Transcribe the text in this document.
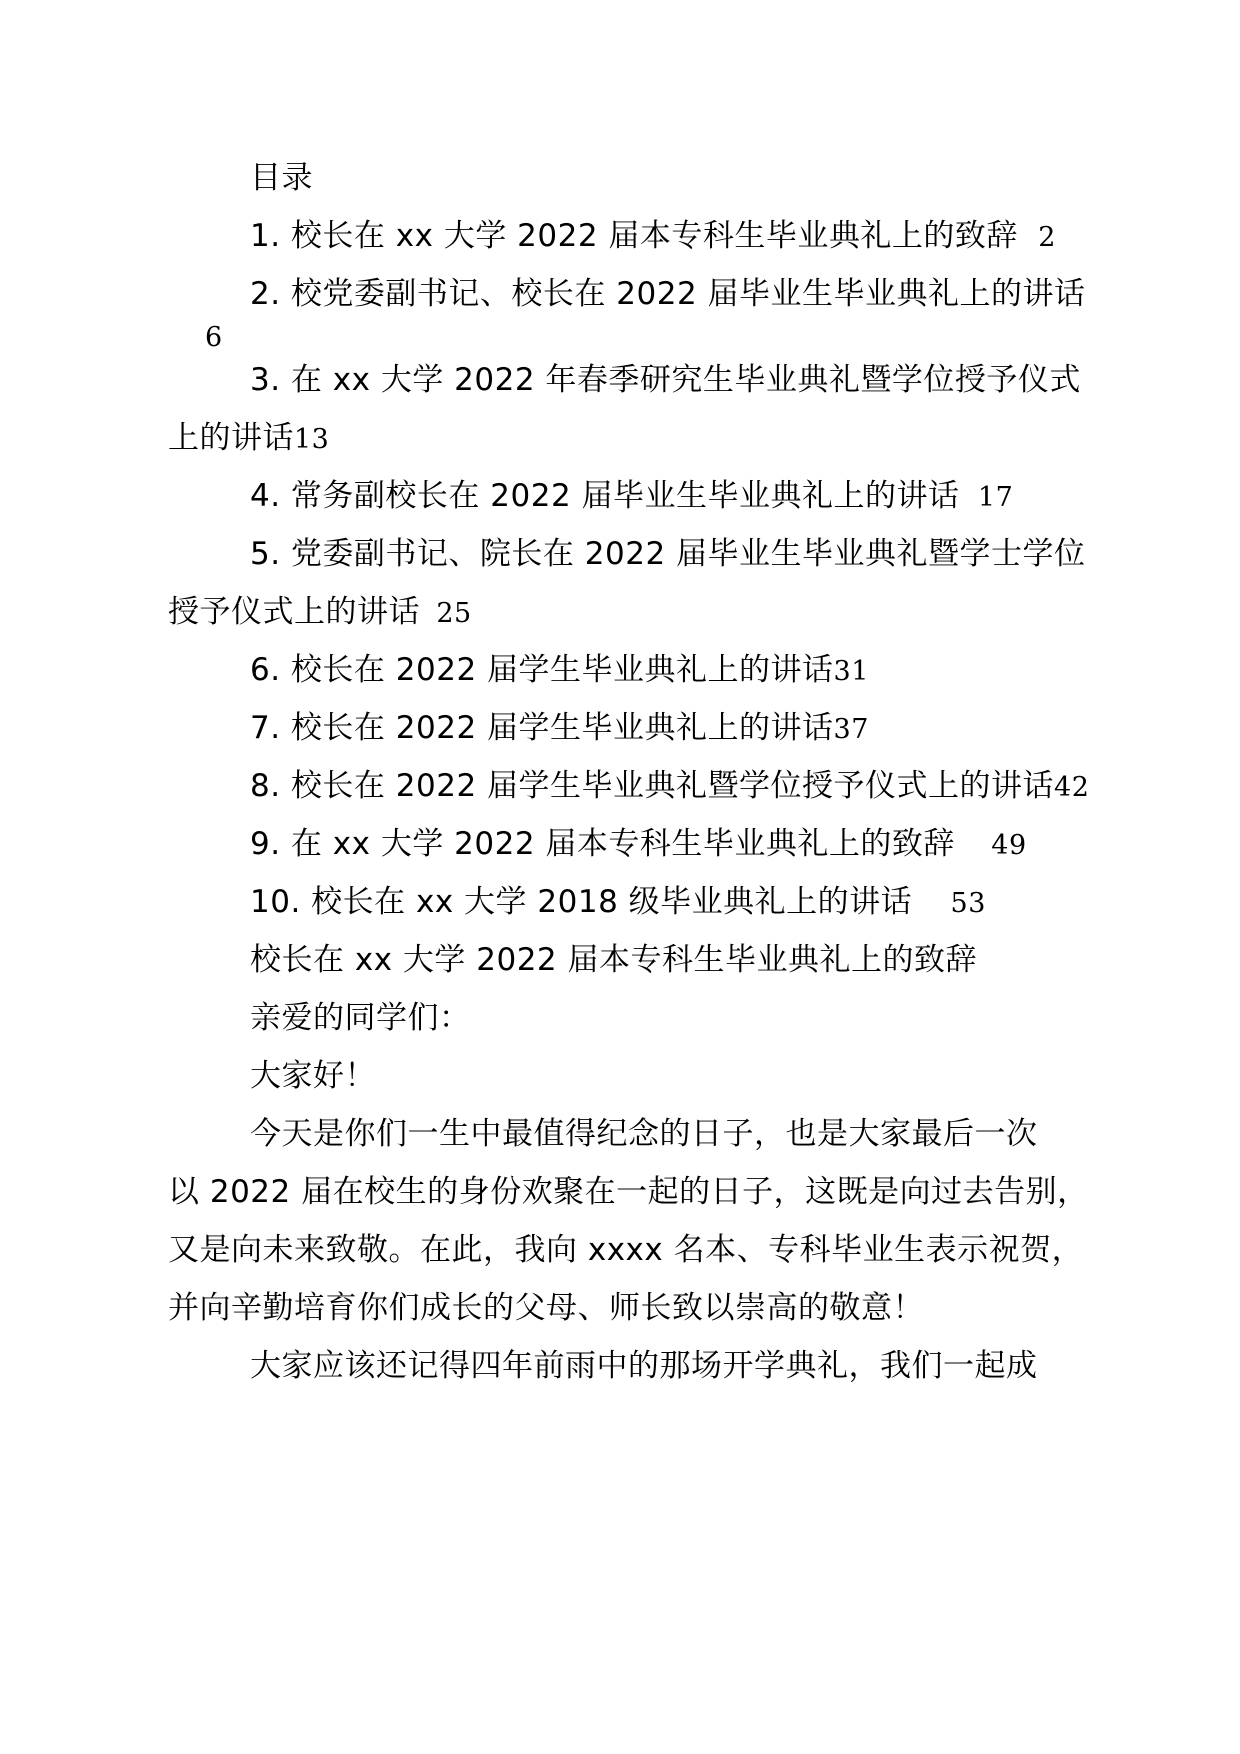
目录
1. 校长在 xx 大学 2022 届本专科生毕业典礼上的致辞 2
2. 校党委副书记、校长在 2022 届毕业生毕业典礼上的讲话
6
3. 在 xx 大学 2022 年春季研究生毕业典礼暨学位授予仪式
上的讲话13
4. 常务副校长在 2022 届毕业生毕业典礼上的讲话 17
5. 党委副书记、院长在 2022 届毕业生毕业典礼暨学士学位
授予仪式上的讲话 25
6. 校长在 2022 届学生毕业典礼上的讲话31
7. 校长在 2022 届学生毕业典礼上的讲话37
8. 校长在 2022 届学生毕业典礼暨学位授予仪式上的讲话42
9. 在 xx 大学 2022 届本专科生毕业典礼上的致辞 49
10. 校长在 xx 大学 2018 级毕业典礼上的讲话 53
校长在 xx 大学 2022 届本专科生毕业典礼上的致辞
亲爱的同学们：
大家好！
今天是你们一生中最值得纪念的日子，也是大家最后一次
以 2022 届在校生的身份欢聚在一起的日子，这既是向过去告别，
又是向未来致敬。在此，我向 xxxx 名本、专科毕业生表示祝贺，
并向辛勤培育你们成长的父母、师长致以崇高的敬意！
大家应该还记得四年前雨中的那场开学典礼，我们一起成
